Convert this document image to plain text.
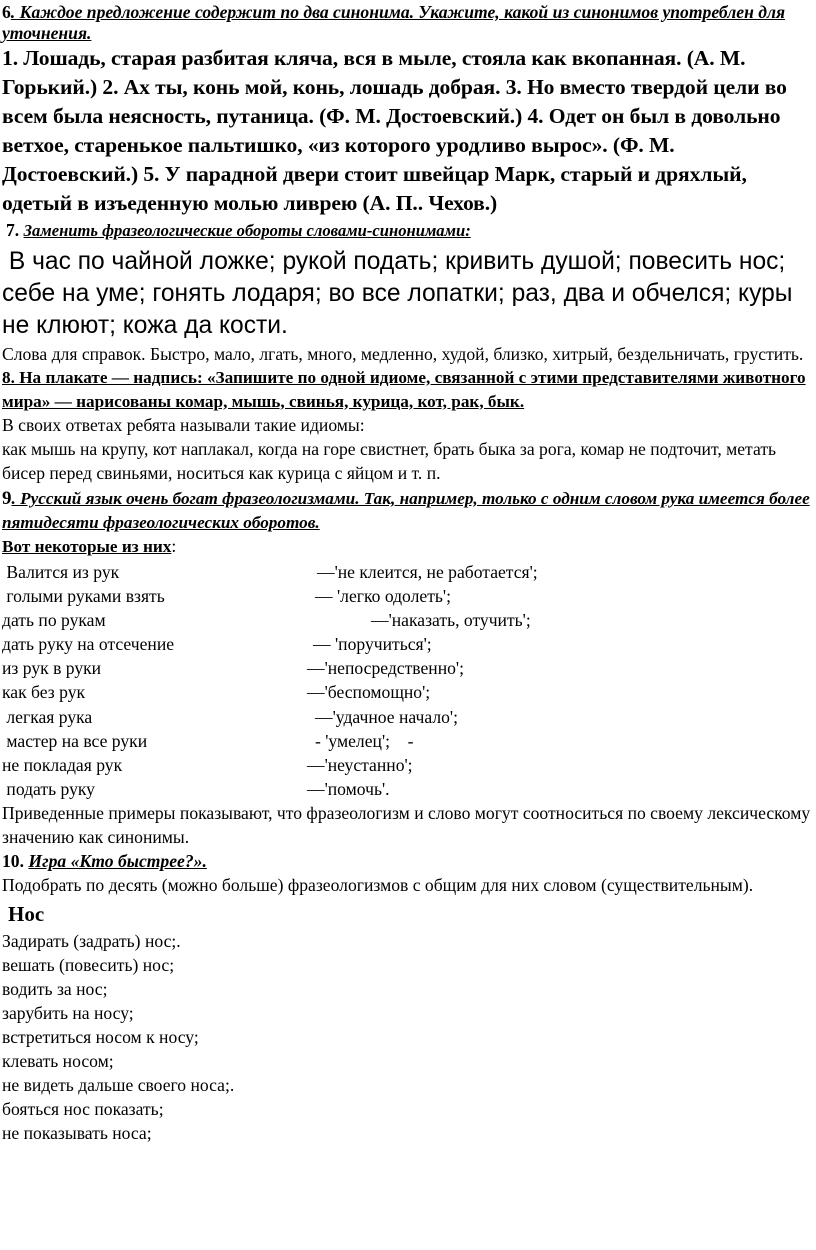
6. Каждое предложение содержит по два синонима. Укажите, какой из синонимов употреблен для уточнения.

1. Лошадь, старая разбитая кляча, вся в мыле, стояла как вкопанная. (А. М. Горький.) 2. Ах ты, конь мой, конь, лошадь добрая. 3. Но вместо твердой цели во всем была неясность, путаница. (Ф. М. Достоевский.) 4. Одет он был в довольно ветхое, старенькое пальтишко, «из которого уродливо вырос». (Ф. М. Достоевский.) 5. У парадной двери стоит швейцар Марк, старый и дряхлый, одетый в изъеденную молью ливрею (А. П.. Чехов.)

7. Заменить фразеологические обороты словами-синонимами:

В час по чайной ложке; рукой подать; кривить душой; повесить нос; себе на уме; гонять лодаря; во все лопатки; раз, два и обчелся; куры не клюют; кожа да кости.

Слова для справок. Быстро, мало, лгать, много, медленно, худой, близко, хитрый, бездельничать, грустить.

8. На плакате — надпись: «Запишите по одной идиоме, связанной с этими представителями животного мира» — нарисованы комар, мышь, свинья, курица, кот, рак, бык.

В своих ответах ребята называли такие идиомы:

как мышь на крупу, кот наплакал, когда на горе свистнет, брать быка за рога, комар не подточит, метать бисер перед свиньями, носиться как курица с яйцом и т. п.

9. Русский язык очень богат фразеологизмами. Так, например, только с одним словом рука имеется более пятидесяти фразеологических оборотов.

Вот некоторые из них:

Валится из рук	—'не клеится, не работается';
голыми руками взять	— 'легко одолеть';
дать по рукам	—'наказать, отучить';
дать руку на отсечение	— 'поручиться';
из рук в руки	—'непосредственно';
как без рук	—'беспомощно';
легкая рука	—'удачное начало';
мастер на все руки	- 'умелец';    -
не покладая рук	—'неустанно';
подать руку	—'помочь'.

Приведенные примеры показывают, что фразеологизм и слово могут соотноситься по своему лексическому значению как синонимы.

10. Игра «Кто быстрее?».

Подобрать по десять (можно больше) фразеологизмов с общим для них словом (существительным).

Нос

Задирать (задрать) нос;.

вешать (повесить) нос;

водить за нос;

зарубить на носу;

встретиться носом к носу;

клевать носом;

не видеть дальше своего носа;.

бояться нос показать;

не показывать носа;
